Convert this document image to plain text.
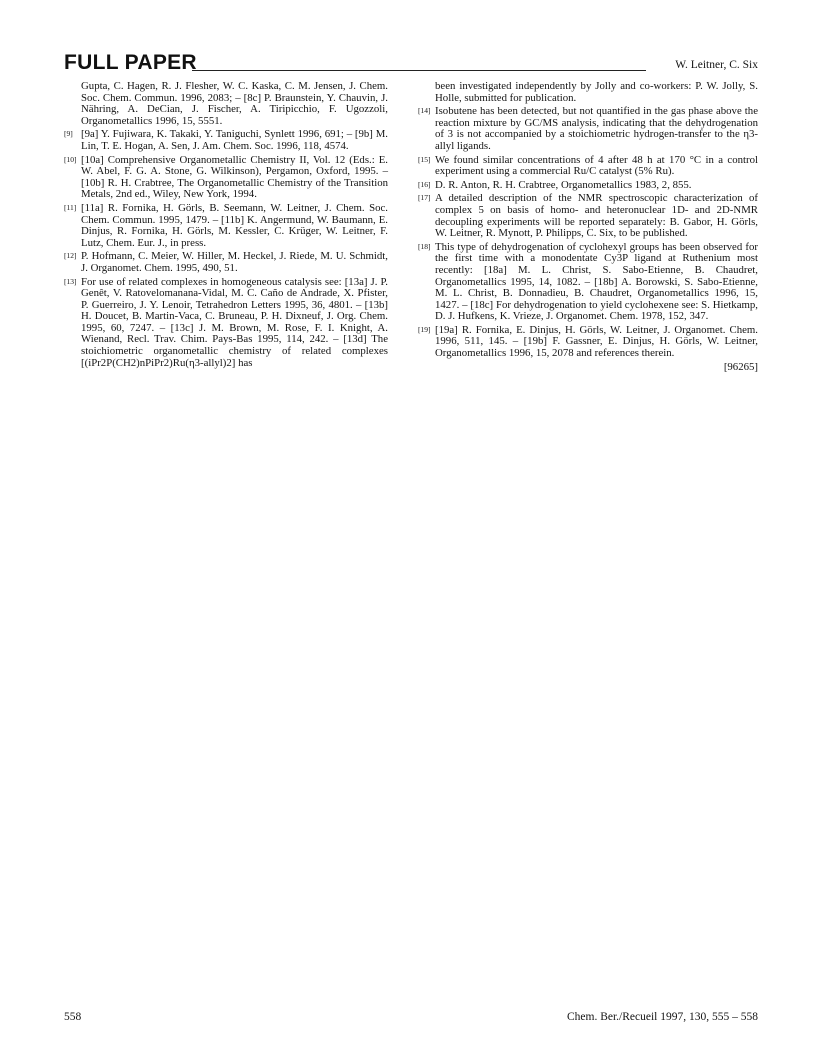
FULL PAPER	W. Leitner, C. Six
Gupta, C. Hagen, R. J. Flesher, W. C. Kaska, C. M. Jensen, J. Chem. Soc. Chem. Commun. 1996, 2083; – [8c] P. Braunstein, Y. Chauvin, J. Nähring, A. DeCian, J. Fischer, A. Tiripicchio, F. Ugozzoli, Organometallics 1996, 15, 5551.
[9] [9a] Y. Fujiwara, K. Takaki, Y. Taniguchi, Synlett 1996, 691; – [9b] M. Lin, T. E. Hogan, A. Sen, J. Am. Chem. Soc. 1996, 118, 4574.
[10] [10a] Comprehensive Organometallic Chemistry II, Vol. 12 (Eds.: E. W. Abel, F. G. A. Stone, G. Wilkinson), Pergamon, Oxford, 1995. – [10b] R. H. Crabtree, The Organometallic Chemistry of the Transition Metals, 2nd ed., Wiley, New York, 1994.
[11] [11a] R. Fornika, H. Görls, B. Seemann, W. Leitner, J. Chem. Soc. Chem. Commun. 1995, 1479. – [11b] K. Angermund, W. Baumann, E. Dinjus, R. Fornika, H. Görls, M. Kessler, C. Krüger, W. Leitner, F. Lutz, Chem. Eur. J., in press.
[12] P. Hofmann, C. Meier, W. Hiller, M. Heckel, J. Riede, M. U. Schmidt, J. Organomet. Chem. 1995, 490, 51.
[13] For use of related complexes in homogeneous catalysis see: [13a] J. P. Genêt, V. Ratovelomanana-Vidal, M. C. Caño de Andrade, X. Pfister, P. Guerreiro, J. Y. Lenoir, Tetrahedron Letters 1995, 36, 4801. – [13b] H. Doucet, B. Martin-Vaca, C. Bruneau, P. H. Dixneuf, J. Org. Chem. 1995, 60, 7247. – [13c] J. M. Brown, M. Rose, F. I. Knight, A. Wienand, Recl. Trav. Chim. Pays-Bas 1995, 114, 242. – [13d] The stoichiometric organometallic chemistry of related complexes [(iPr2P(CH2)nPiPr2)Ru(η3-allyl)2] has
been investigated independently by Jolly and co-workers: P. W. Jolly, S. Holle, submitted for publication.
[14] Isobutene has been detected, but not quantified in the gas phase above the reaction mixture by GC/MS analysis, indicating that the dehydrogenation of 3 is not accompanied by a stoichiometric hydrogen-transfer to the η3-allyl ligands.
[15] We found similar concentrations of 4 after 48 h at 170 °C in a control experiment using a commercial Ru/C catalyst (5% Ru).
[16] D. R. Anton, R. H. Crabtree, Organometallics 1983, 2, 855.
[17] A detailed description of the NMR spectroscopic characterization of complex 5 on basis of homo- and heteronuclear 1D- and 2D-NMR decoupling experiments will be reported separately: B. Gabor, H. Görls, W. Leitner, R. Mynott, P. Philipps, C. Six, to be published.
[18] This type of dehydrogenation of cyclohexyl groups has been observed for the first time with a monodentate Cy3P ligand at Ruthenium most recently: [18a] M. L. Christ, S. Sabo-Etienne, B. Chaudret, Organometallics 1995, 14, 1082. – [18b] A. Borowski, S. Sabo-Etienne, M. L. Christ, B. Donnadieu, B. Chaudret, Organometallics 1996, 15, 1427. – [18c] For dehydrogenation to yield cyclohexene see: S. Hietkamp, D. J. Hufkens, K. Vrieze, J. Organomet. Chem. 1978, 152, 347.
[19] [19a] R. Fornika, E. Dinjus, H. Görls, W. Leitner, J. Organomet. Chem. 1996, 511, 145. – [19b] F. Gassner, E. Dinjus, H. Görls, W. Leitner, Organometallics 1996, 15, 2078 and references therein.
[96265]
558	Chem. Ber./Recueil 1997, 130, 555 – 558
